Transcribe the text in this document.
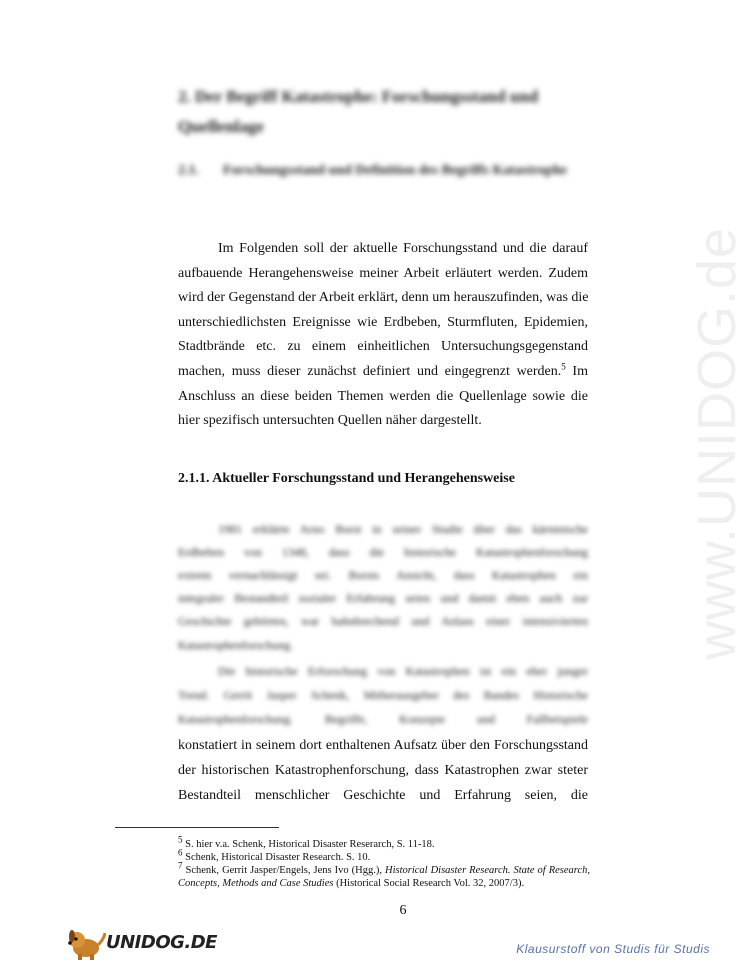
www.UNIDOG.de
2. Der Begriff Katastrophe: Forschungsstand und Quellenlage
2.1. Forschungsstand und Definition des Begriffs Katastrophe
Im Folgenden soll der aktuelle Forschungsstand und die darauf
aufbauende Herangehensweise meiner Arbeit erläutert werden. Zudem
wird der Gegenstand der Arbeit erklärt, denn um herauszufinden, was die
unterschiedlichsten Ereignisse wie Erdbeben, Sturmfluten, Epidemien,
Stadtbrände etc. zu einem einheitlichen Untersuchungsgegenstand
machen, muss dieser zunächst definiert und eingegrenzt werden.$^5$ Im
Anschluss an diese beiden Themen werden die Quellenlage sowie die
hier spezifisch untersuchten Quellen näher dargestellt.
2.1.1. Aktueller Forschungsstand und Herangehensweise
1981 erklärte Arno Borst in seiner Studie über das kärntnische
Erdbeben von 1348, dass die historische Katastrophenforschung
extrem vernachlässigt sei. Borsts Ansicht, dass Katastrophen ein
integraler Bestandteil sozialer Erfahrung seien und damit eben auch zur
Geschichte gehörten, war bahnbrechend und Anlass einer intensivierten
Katastrophenforschung.
Die historische Erforschung von Katastrophen ist ein eher junger
Trend. Gerrit Jasper Schenk, Mitherausgeber des Bandes Historische
Katastrophenforschung. Begriffe, Konzepte und Fallbeispiele
konstatiert in seinem dort enthaltenen Aufsatz über den Forschungsstand
der historischen Katastrophenforschung, dass Katastrophen zwar steter
Bestandteil menschlicher Geschichte und Erfahrung seien, die
$^5$ S. hier v.a. Schenk, Historical Disaster Reserarch, S. 11-18.
$^6$ Schenk, Historical Disaster Research. S. 10.
$^7$ Schenk, Gerrit Jasper/Engels, Jens Ivo (Hgg.), Historical Disaster Research. State of Research, Concepts, Methods and Case Studies (Historical Social Research Vol. 32, 2007/3).
6
UNIDOG.DE	Klausurstoff von Studis für Studis
